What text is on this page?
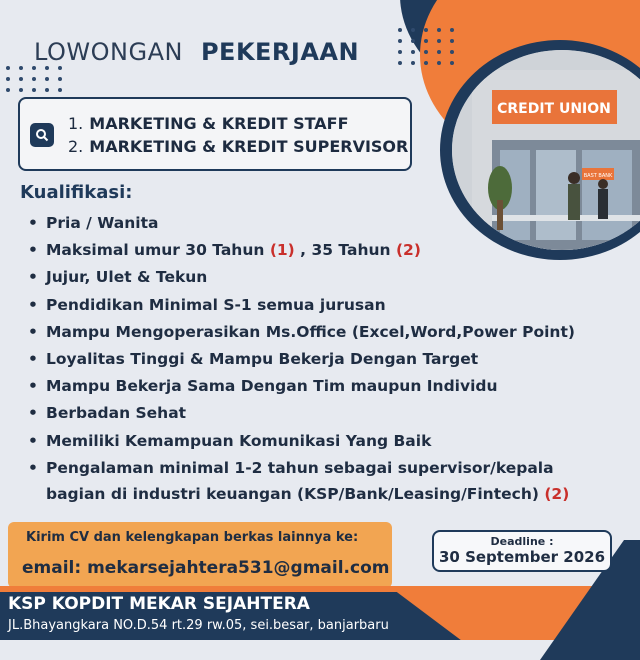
LOWONGAN PEKERJAAN
CREDIT UNION
BAST BANK
1. MARKETING & KREDIT STAFF
2. MARKETING & KREDIT SUPERVISOR
Kualifikasi:
• Pria / Wanita
• Maksimal umur 30 Tahun (1) , 35 Tahun (2)
• Jujur, Ulet & Tekun
• Pendidikan Minimal S-1 semua jurusan
• Mampu Mengoperasikan Ms.Office (Excel,Word,Power Point)
• Loyalitas Tinggi & Mampu Bekerja Dengan Target
• Mampu Bekerja Sama Dengan Tim maupun Individu
• Berbadan Sehat
• Memiliki Kemampuan Komunikasi Yang Baik
• Pengalaman minimal 1-2 tahun sebagai supervisor/kepala bagian di industri keuangan (KSP/Bank/Leasing/Fintech) (2)
Kirim CV dan kelengkapan berkas lainnya ke:
email: mekarsejahtera531@gmail.com
Deadline :
30 September 2026
KSP KOPDIT MEKAR SEJAHTERA
JL.Bhayangkara NO.D.54 rt.29 rw.05, sei.besar, banjarbaru
